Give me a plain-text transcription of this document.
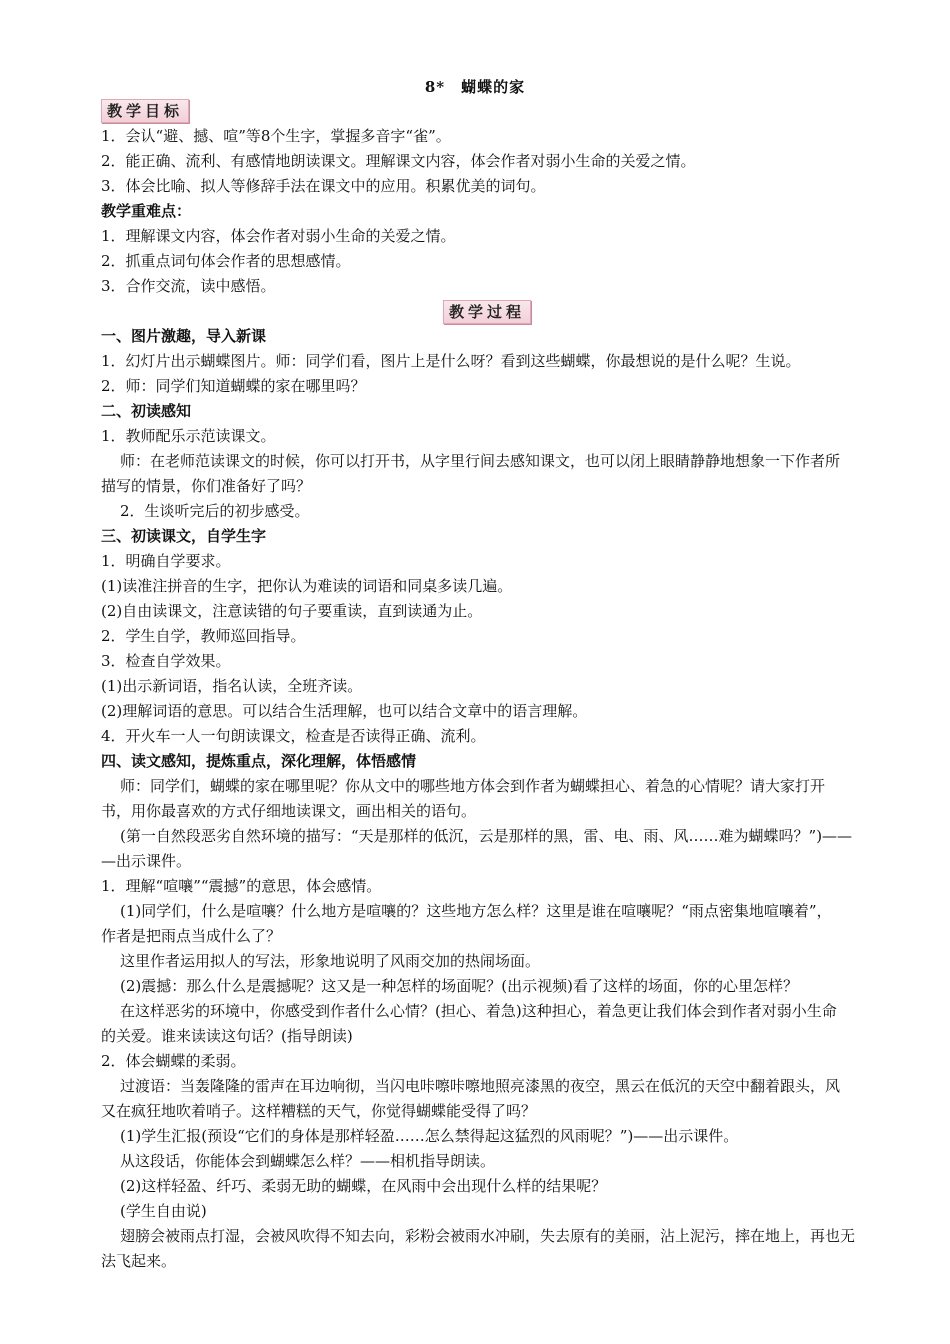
8*　蝴蝶的家
教学目标
教学过程
1．会认“避、撼、喧”等8个生字，掌握多音字“雀”。
2．能正确、流利、有感情地朗读课文。理解课文内容，体会作者对弱小生命的关爱之情。
3．体会比喻、拟人等修辞手法在课文中的应用。积累优美的词句。
教学重难点：
1．理解课文内容，体会作者对弱小生命的关爱之情。
2．抓重点词句体会作者的思想感情。
3．合作交流，读中感悟。
一、图片激趣，导入新课
1．幻灯片出示蝴蝶图片。师：同学们看，图片上是什么呀？看到这些蝴蝶，你最想说的是什么呢？生说。
2．师：同学们知道蝴蝶的家在哪里吗？
二、初读感知
1．教师配乐示范读课文。
师：在老师范读课文的时候，你可以打开书，从字里行间去感知课文，也可以闭上眼睛静静地想象一下作者所
描写的情景，你们准备好了吗？
2．生谈听完后的初步感受。
三、初读课文，自学生字
1．明确自学要求。
(1)读准注拼音的生字，把你认为难读的词语和同桌多读几遍。
(2)自由读课文，注意读错的句子要重读，直到读通为止。
2．学生自学，教师巡回指导。
3．检查自学效果。
(1)出示新词语，指名认读，全班齐读。
(2)理解词语的意思。可以结合生活理解，也可以结合文章中的语言理解。
4．开火车一人一句朗读课文，检查是否读得正确、流利。
四、读文感知，提炼重点，深化理解，体悟感情
师：同学们，蝴蝶的家在哪里呢？你从文中的哪些地方体会到作者为蝴蝶担心、着急的心情呢？请大家打开
书，用你最喜欢的方式仔细地读课文，画出相关的语句。
(第一自然段恶劣自然环境的描写：“天是那样的低沉，云是那样的黑，雷、电、雨、风……难为蝴蝶吗？”)——
—出示课件。
1．理解“喧嚷”“震撼”的意思，体会感情。
(1)同学们，什么是喧嚷？什么地方是喧嚷的？这些地方怎么样？这里是谁在喧嚷呢？“雨点密集地喧嚷着”，
作者是把雨点当成什么了？
这里作者运用拟人的写法，形象地说明了风雨交加的热闹场面。
(2)震撼：那么什么是震撼呢？这又是一种怎样的场面呢？(出示视频)看了这样的场面，你的心里怎样？
在这样恶劣的环境中，你感受到作者什么心情？(担心、着急)这种担心，着急更让我们体会到作者对弱小生命
的关爱。谁来读读这句话？(指导朗读)
2．体会蝴蝶的柔弱。
过渡语：当轰隆隆的雷声在耳边响彻，当闪电咔嚓咔嚓地照亮漆黑的夜空，黑云在低沉的天空中翻着跟头，风
又在疯狂地吹着哨子。这样糟糕的天气，你觉得蝴蝶能受得了吗？
(1)学生汇报(预设“它们的身体是那样轻盈……怎么禁得起这猛烈的风雨呢？”)——出示课件。
从这段话，你能体会到蝴蝶怎么样？——相机指导朗读。
(2)这样轻盈、纤巧、柔弱无助的蝴蝶，在风雨中会出现什么样的结果呢？
(学生自由说)
翅膀会被雨点打湿，会被风吹得不知去向，彩粉会被雨水冲刷，失去原有的美丽，沾上泥污，摔在地上，再也无
法飞起来。
